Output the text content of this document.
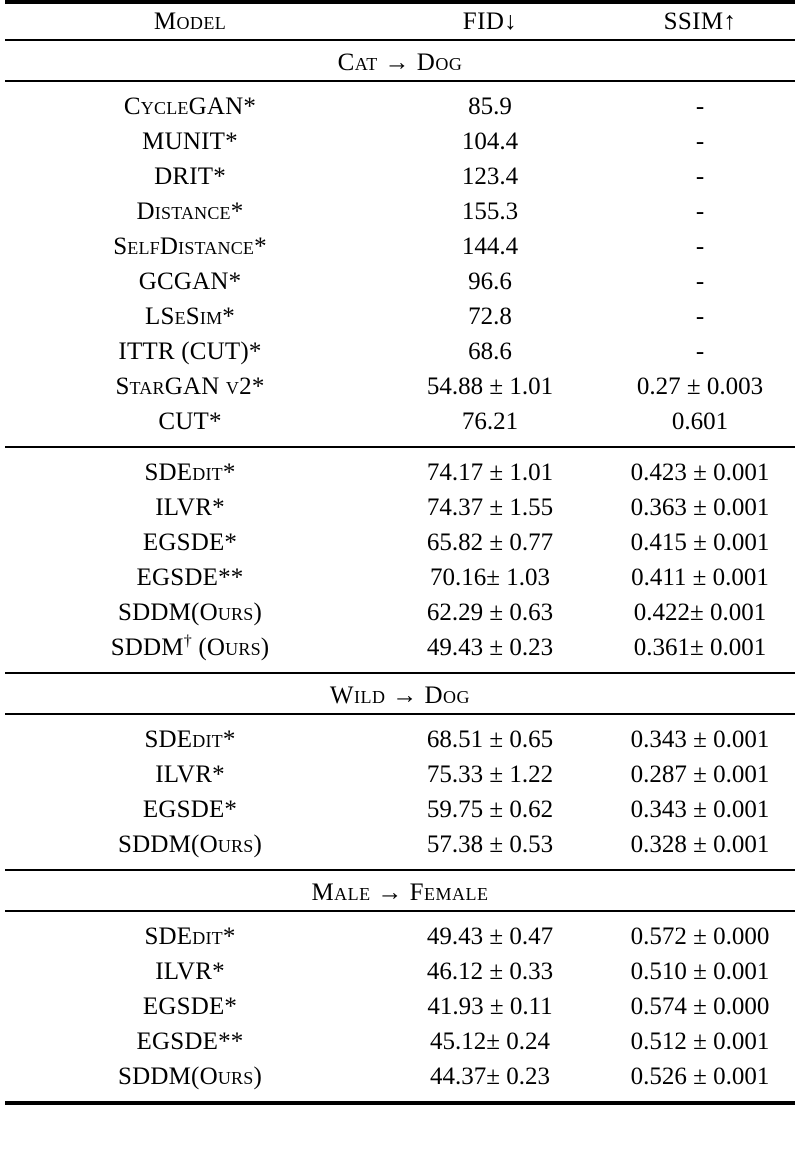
Model	FID↓	SSIM↑

Cat → Dog		

CycleGAN*	85.9	-
MUNIT*	104.4	-
DRIT*	123.4	-
Distance*	155.3	-
SelfDistance*	144.4	-
GCGAN*	96.6	-
LSeSim*	72.8	-
ITTR (CUT)*	68.6	-
StarGAN v2*	54.88 ± 1.01	0.27 ± 0.003
CUT*	76.21	0.601

SDEdit*	74.17 ± 1.01	0.423 ± 0.001
ILVR*	74.37 ± 1.55	0.363 ± 0.001
EGSDE*	65.82 ± 0.77	0.415 ± 0.001
EGSDE**	70.16± 1.03	0.411 ± 0.001
SDDM(Ours)	62.29 ± 0.63	0.422± 0.001
SDDM† (Ours)	49.43 ± 0.23	0.361± 0.001

Wild → Dog		

SDEdit*	68.51 ± 0.65	0.343 ± 0.001
ILVR*	75.33 ± 1.22	0.287 ± 0.001
EGSDE*	59.75 ± 0.62	0.343 ± 0.001
SDDM(Ours)	57.38 ± 0.53	0.328 ± 0.001

Male → Female		

SDEdit*	49.43 ± 0.47	0.572 ± 0.000
ILVR*	46.12 ± 0.33	0.510 ± 0.001
EGSDE*	41.93 ± 0.11	0.574 ± 0.000
EGSDE**	45.12± 0.24	0.512 ± 0.001
SDDM(Ours)	44.37± 0.23	0.526 ± 0.001
